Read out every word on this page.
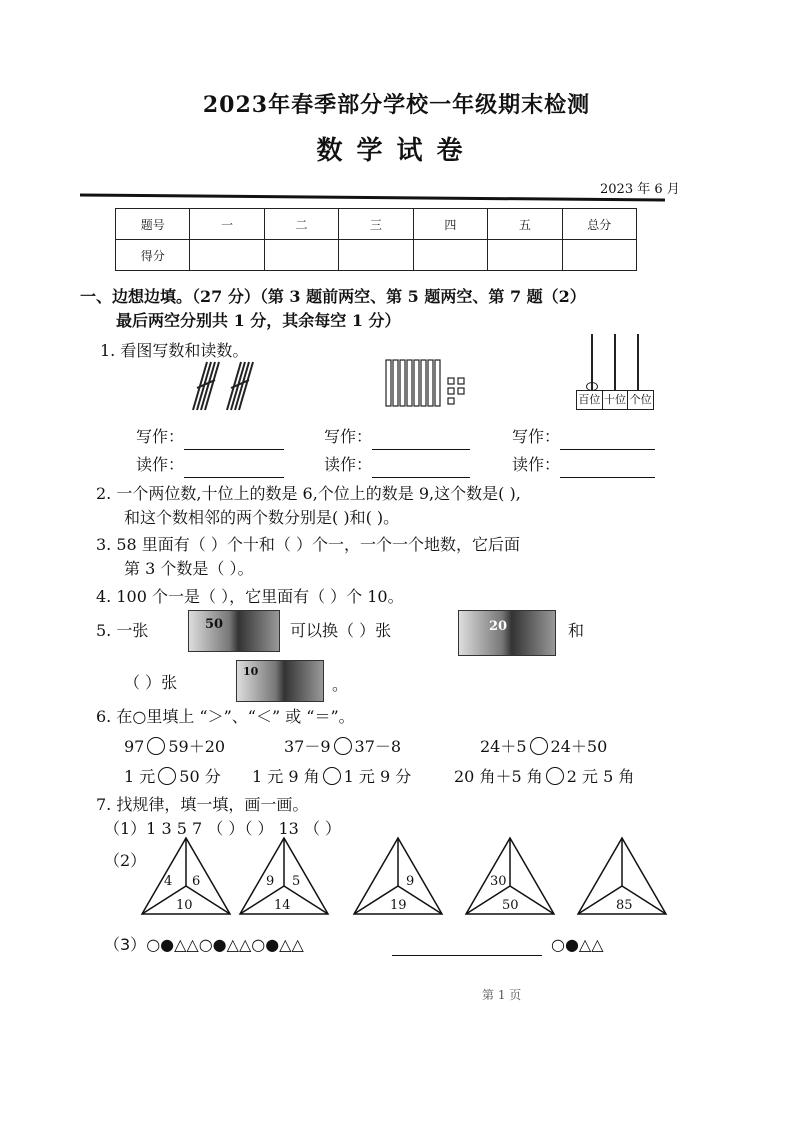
2023年春季部分学校一年级期末检测
数学试卷
2023 年 6 月
题号	一	二	三	四	五	总分
得分						
一、边想边填。（27 分）（第 3 题前两空、第 5 题两空、第 7 题（2）
最后两空分别共 1 分，其余每空 1 分）
1. 看图写数和读数。
百位 十位 个位
写作：	写作：	写作：
读作：	读作：	读作：
2. 一个两位数,十位上的数是 6,个位上的数是 9,这个数是( ),
和这个数相邻的两个数分别是( )和( )。
3. 58 里面有（ ）个十和（ ）个一，一个一个地数，它后面
第 3 个数是（ ）。
4. 100 个一是（ ），它里面有（ ）个 10。
5. 一张	50	可以换（ ）张	20	和
（ ）张
10
。
6. 在○里填上 “＞”、“＜” 或 “＝”。
97 59＋20	37－9 37－8	24＋5 24＋50
1 元 50 分 1 元 9 角 1 元 9 分	20 角＋5 角 2 元 5 角
7. 找规律，填一填，画一画。
（1）1 3 5 7 （ ）（ ） 13 （ ）
（2）
4 6
10
9 5
14
9
19
30
50	85
（3）○●△△○●△△○●△△	○●△△
第 1 页
